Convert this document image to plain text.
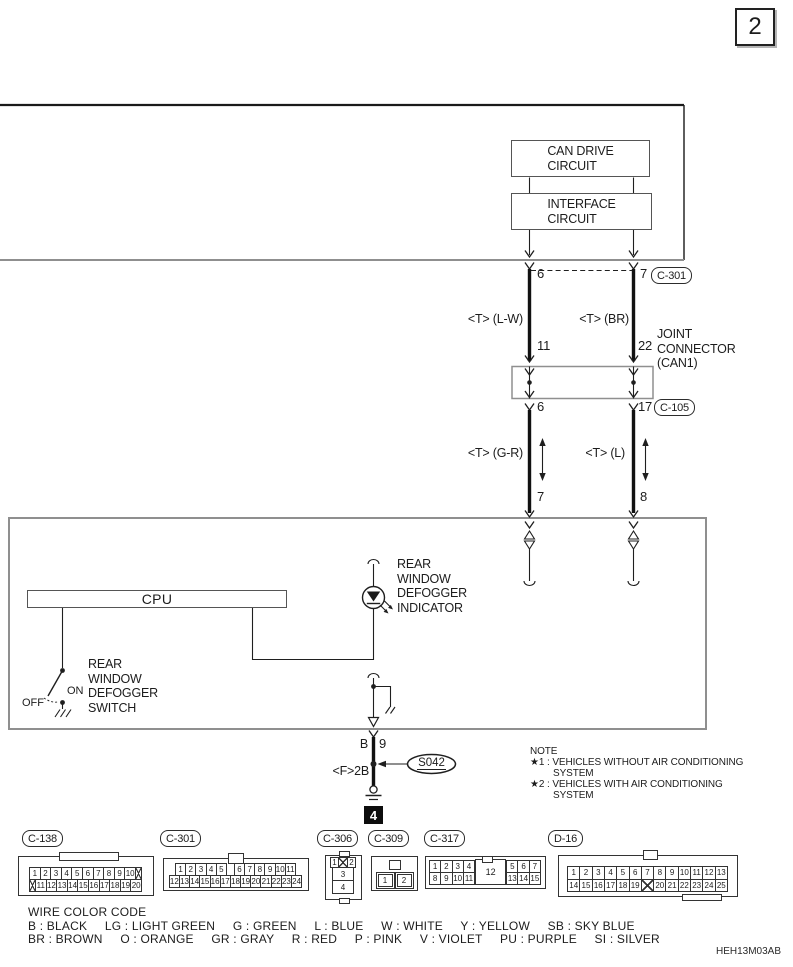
2
CAN DRIVE
CIRCUIT
INTERFACE
CIRCUIT
6	7 C-301
<T> (L-W)	<T> (BR)
11	22
JOINT
CONNECTOR
(CAN1)
6	17 C-105
<T> (G-R)	<T> (L)
7	8
CPU
ON
OFF
REAR
WINDOW
DEFOGGER
SWITCH
REAR
WINDOW
DEFOGGER
INDICATOR
B 9
S042
<F>2B
4
NOTE
★1 : VEHICLES WITHOUT AIR CONDITIONING
SYSTEM
★2 : VEHICLES WITH AIR CONDITIONING
SYSTEM
C-138	C-301	C-306	C-309	C-317	D-16
1 2 3 4 5 6 7 8 9 10
11 12 13 14 15 16 17 18 19 20
1 2 3 4 5	6 7 8 9 10 11
12 13 14 15 16 17 18 19 20 21 22 23 24
1	2
3
4
1	2
1 2 3 4
8 9 10 11
12
5 6 7
13 14 15
1 2 3 4 5 6 7 8 9 10 11 12 13
14 15 16 17 18 19 20 21 22 23 24 25
WIRE COLOR CODE
B : BLACK     LG : LIGHT GREEN     G : GREEN     L : BLUE     W : WHITE     Y : YELLOW     SB : SKY BLUE
BR : BROWN     O : ORANGE     GR : GRAY     R : RED     P : PINK     V : VIOLET     PU : PURPLE     SI : SILVER
HEH13M03AB
